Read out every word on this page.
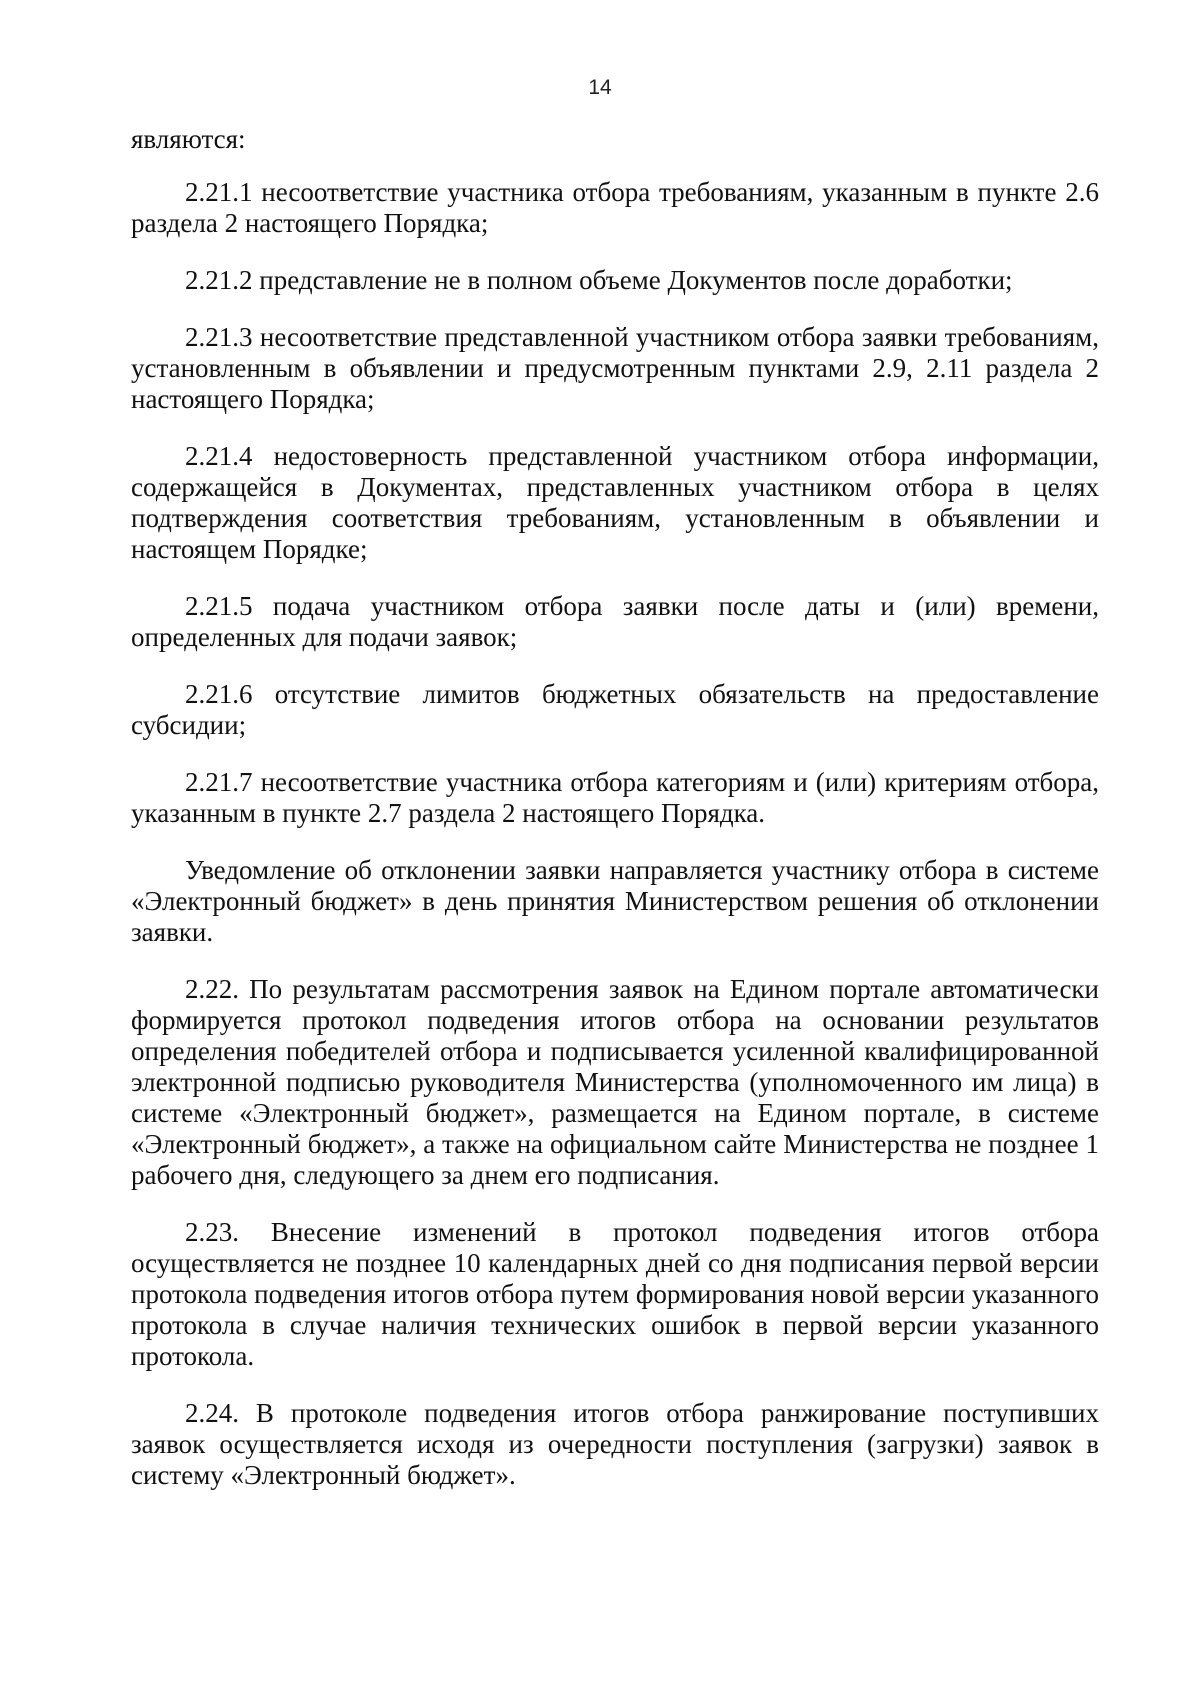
14

являются:

2.21.1 несоответствие участника отбора требованиям, указанным в пункте 2.6 раздела 2 настоящего Порядка;

2.21.2 представление не в полном объеме Документов после доработки;

2.21.3 несоответствие представленной участником отбора заявки требованиям, установленным в объявлении и предусмотренным пунктами 2.9, 2.11 раздела 2 настоящего Порядка;

2.21.4 недостоверность представленной участником отбора информации, содержащейся в Документах, представленных участником отбора в целях подтверждения соответствия требованиям, установленным в объявлении и настоящем Порядке;

2.21.5 подача участником отбора заявки после даты и (или) времени, определенных для подачи заявок;

2.21.6 отсутствие лимитов бюджетных обязательств на предоставление субсидии;

2.21.7 несоответствие участника отбора категориям и (или) критериям отбора, указанным в пункте 2.7 раздела 2 настоящего Порядка.

Уведомление об отклонении заявки направляется участнику отбора в системе «Электронный бюджет» в день принятия Министерством решения об отклонении заявки.

2.22. По результатам рассмотрения заявок на Едином портале автоматически формируется протокол подведения итогов отбора на основании результатов определения победителей отбора и подписывается усиленной квалифицированной электронной подписью руководителя Министерства (уполномоченного им лица) в системе «Электронный бюджет», размещается на Едином портале, в системе «Электронный бюджет», а также на официальном сайте Министерства не позднее 1 рабочего дня, следующего за днем его подписания.

2.23. Внесение изменений в протокол подведения итогов отбора осуществляется не позднее 10 календарных дней со дня подписания первой версии протокола подведения итогов отбора путем формирования новой версии указанного протокола в случае наличия технических ошибок в первой версии указанного протокола.

2.24. В протоколе подведения итогов отбора ранжирование поступивших заявок осуществляется исходя из очередности поступления (загрузки) заявок в систему «Электронный бюджет».
